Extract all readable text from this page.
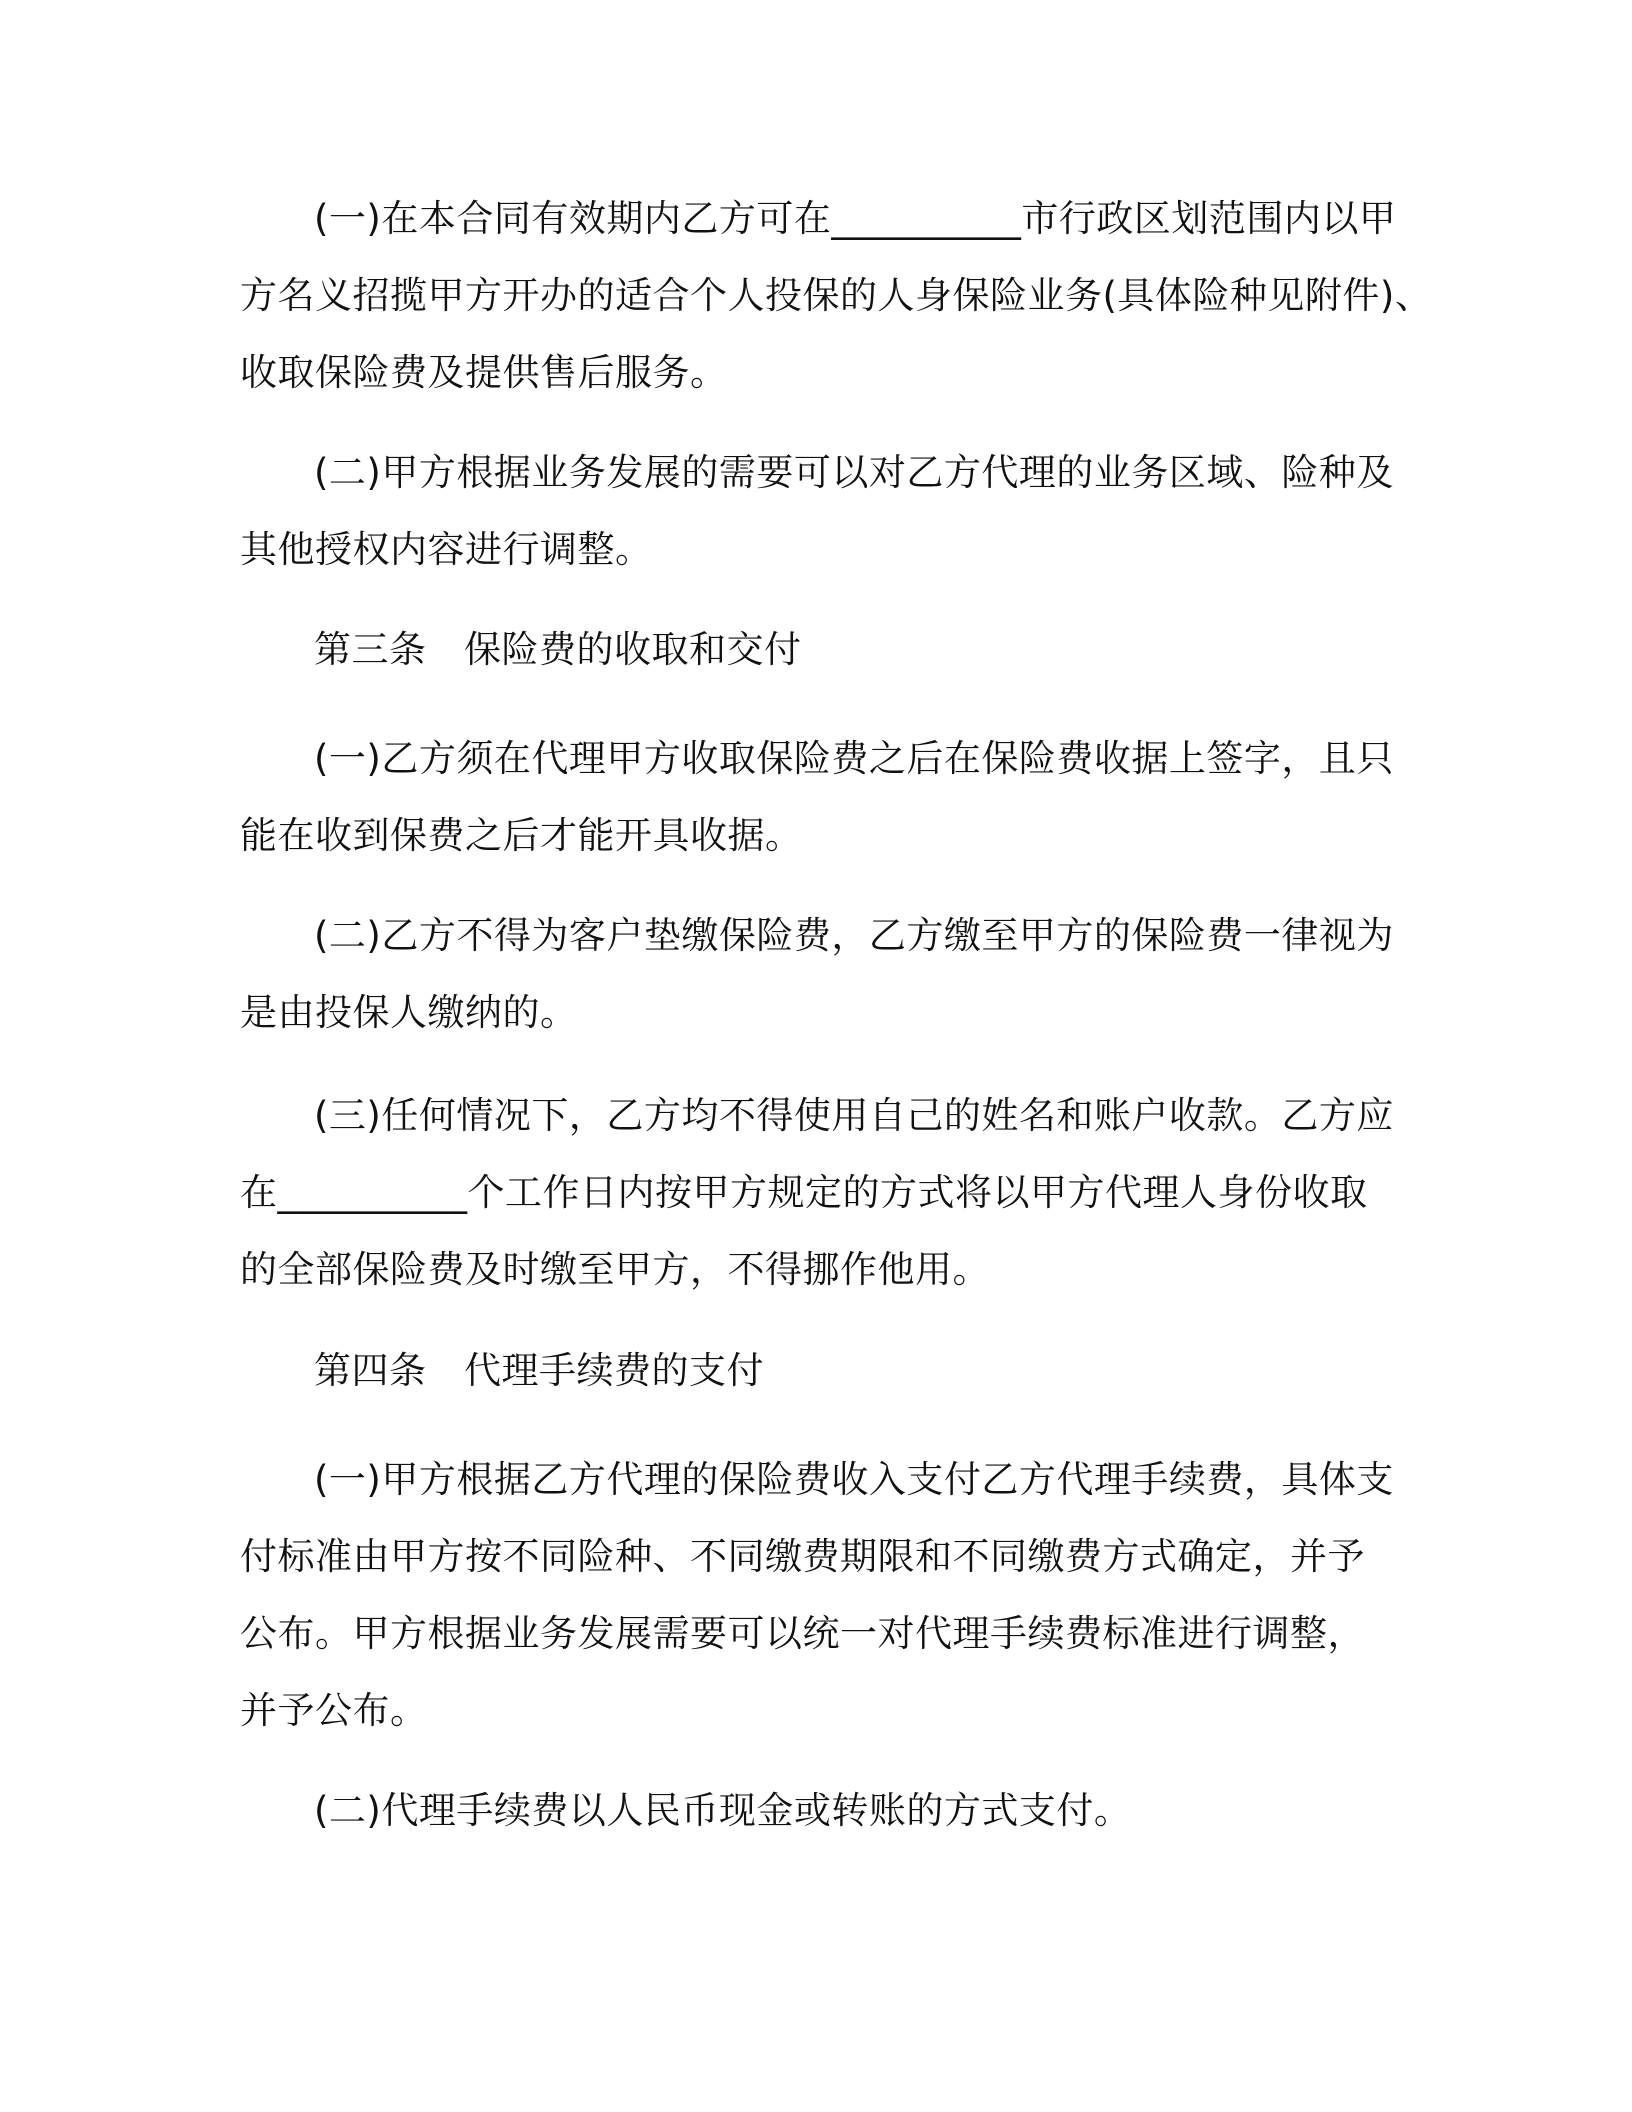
(一)在本合同有效期内乙方可在__________市行政区划范围内以甲
方名义招揽甲方开办的适合个人投保的人身保险业务(具体险种见附件)、
收取保险费及提供售后服务。
(二)甲方根据业务发展的需要可以对乙方代理的业务区域、险种及
其他授权内容进行调整。
第三条　保险费的收取和交付
(一)乙方须在代理甲方收取保险费之后在保险费收据上签字，且只
能在收到保费之后才能开具收据。
(二)乙方不得为客户垫缴保险费，乙方缴至甲方的保险费一律视为
是由投保人缴纳的。
(三)任何情况下，乙方均不得使用自己的姓名和账户收款。乙方应
在__________个工作日内按甲方规定的方式将以甲方代理人身份收取
的全部保险费及时缴至甲方，不得挪作他用。
第四条　代理手续费的支付
(一)甲方根据乙方代理的保险费收入支付乙方代理手续费，具体支
付标准由甲方按不同险种、不同缴费期限和不同缴费方式确定，并予
公布。甲方根据业务发展需要可以统一对代理手续费标准进行调整，
并予公布。
(二)代理手续费以人民币现金或转账的方式支付。
